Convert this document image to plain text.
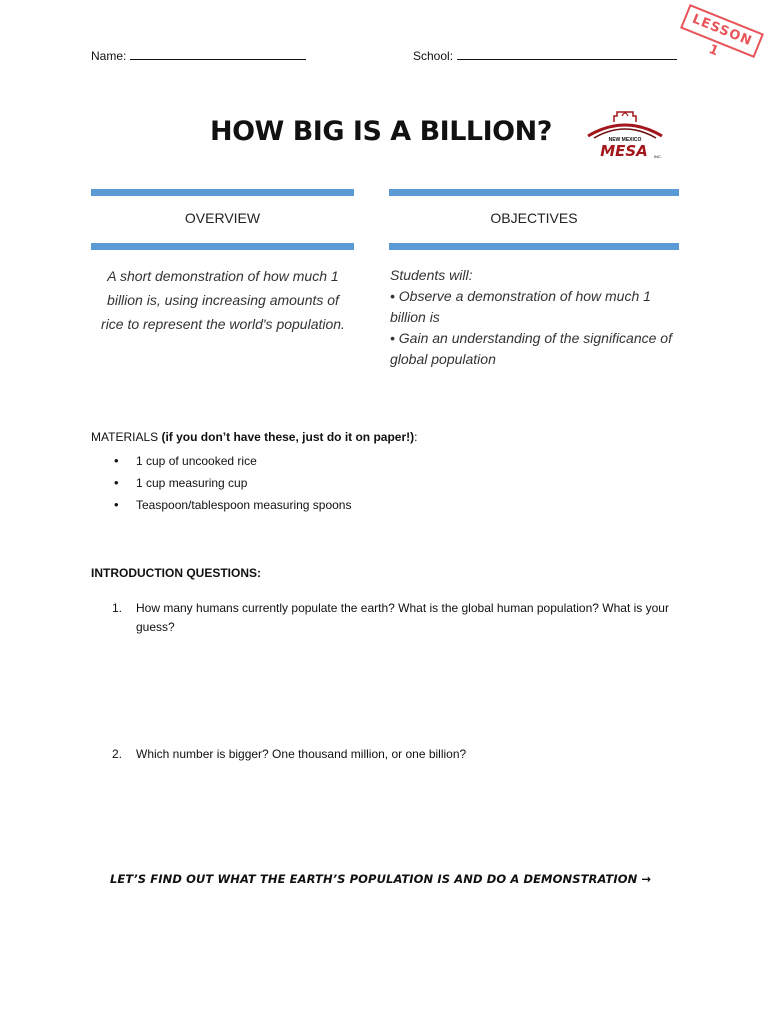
LESSON 1
Name:	School:
HOW BIG IS A BILLION?	NEW MEXICO
MESA INC.
OVERVIEW
A short demonstration of how much 1 billion is, using increasing amounts of rice to represent the world's population.
OBJECTIVES
Students will:
• Observe a demonstration of how much 1 billion is
• Gain an understanding of the significance of global population
MATERIALS (if you don’t have these, just do it on paper!):
• 1 cup of uncooked rice
• 1 cup measuring cup
• Teaspoon/tablespoon measuring spoons
INTRODUCTION QUESTIONS:
1. How many humans currently populate the earth? What is the global human population? What is your guess?
2. Which number is bigger? One thousand million, or one billion?
LET’S FIND OUT WHAT THE EARTH’S POPULATION IS AND DO A DEMONSTRATION →
